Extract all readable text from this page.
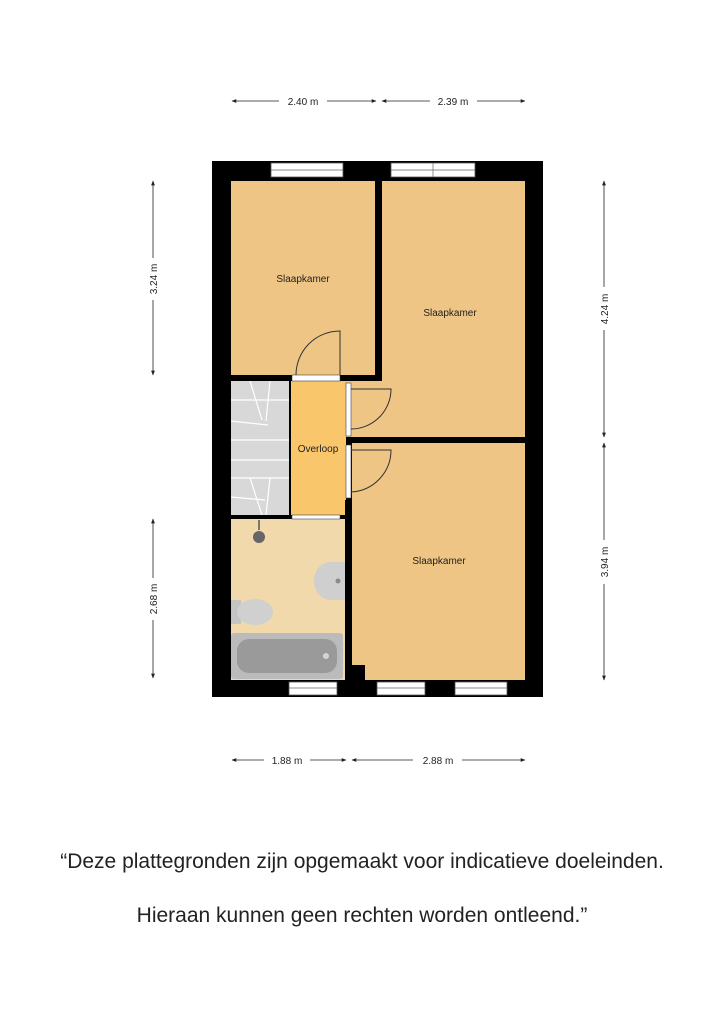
Slaapkamer
Slaapkamer
Overloop
Slaapkamer
2.40 m	2.39 m
1.88 m	2.88 m
3.24 m
2.68 m
4.24 m
3.94 m
“Deze plattegronden zijn opgemaakt voor indicatieve doeleinden.
Hieraan kunnen geen rechten worden ontleend.”
